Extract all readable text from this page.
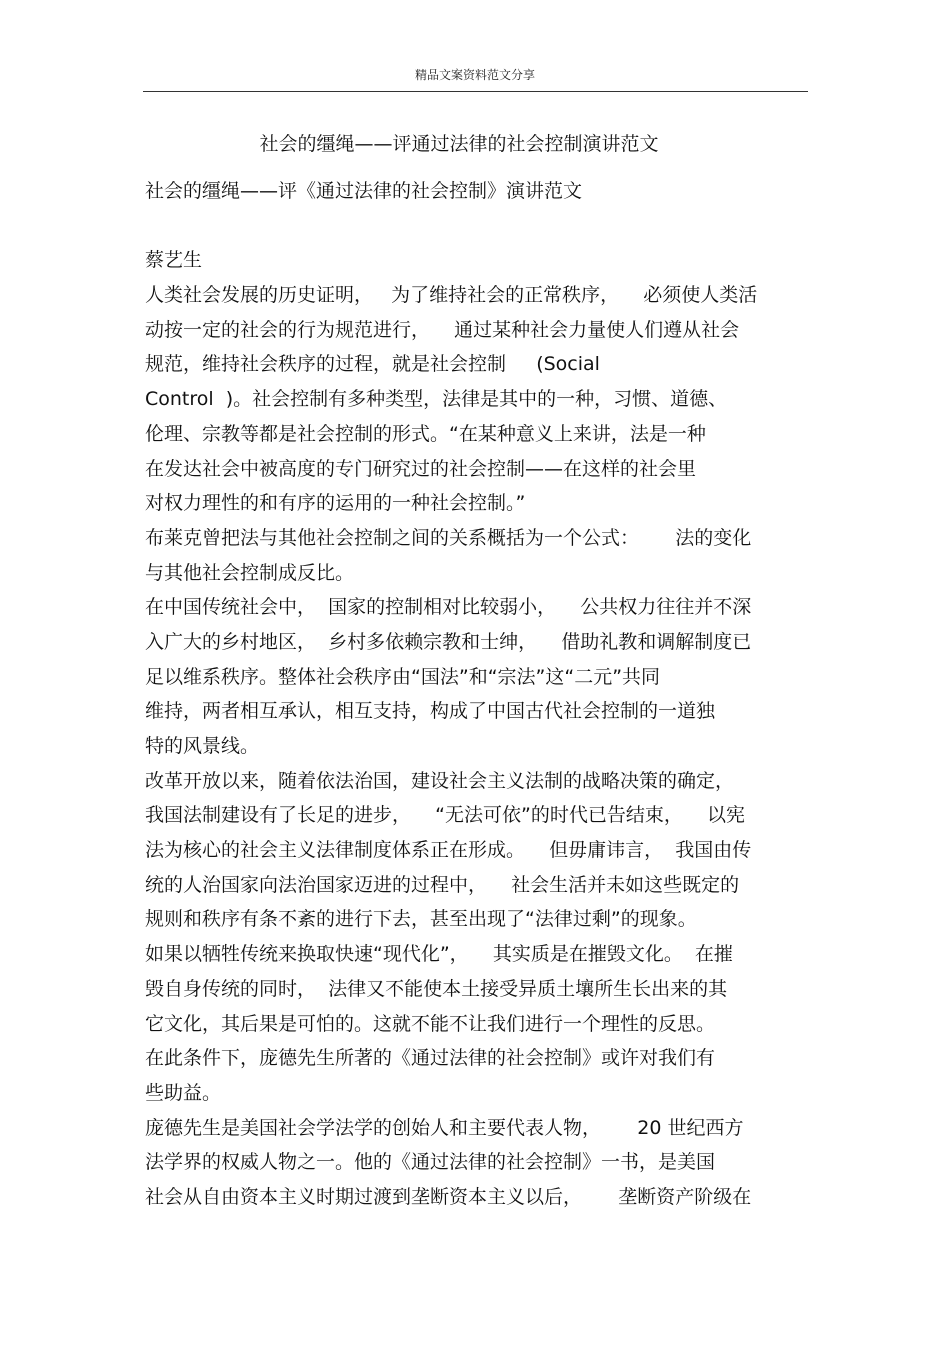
精品文案资料范文分享
社会的缰绳——评通过法律的社会控制演讲范文
社会的缰绳——评《通过法律的社会控制》演讲范文
蔡艺生
人类社会发展的历史证明，   为了维持社会的正常秩序，    必须使人类活
动按一定的社会的行为规范进行，    通过某种社会力量使人们遵从社会
规范，维持社会秩序的过程，就是社会控制     (Social
Control  )。社会控制有多种类型，法律是其中的一种，习惯、道德、
伦理、宗教等都是社会控制的形式。“在某种意义上来讲，法是一种
在发达社会中被高度的专门研究过的社会控制——在这样的社会里
对权力理性的和有序的运用的一种社会控制。”
布莱克曾把法与其他社会控制之间的关系概括为一个公式：      法的变化
与其他社会控制成反比。
在中国传统社会中，  国家的控制相对比较弱小，    公共权力往往并不深
入广大的乡村地区，  乡村多依赖宗教和士绅，    借助礼教和调解制度已
足以维系秩序。整体社会秩序由“国法”和“宗法”这“二元”共同
维持，两者相互承认，相互支持，构成了中国古代社会控制的一道独
特的风景线。
改革开放以来，随着依法治国，建设社会主义法制的战略决策的确定，
我国法制建设有了长足的进步，    “无法可依”的时代已告结束，    以宪
法为核心的社会主义法律制度体系正在形成。    但毋庸讳言，  我国由传
统的人治国家向法治国家迈进的过程中，    社会生活并未如这些既定的
规则和秩序有条不紊的进行下去，甚至出现了“法律过剩”的现象。
如果以牺牲传统来换取快速“现代化”，    其实质是在摧毁文化。  在摧
毁自身传统的同时，  法律又不能使本土接受异质土壤所生长出来的其
它文化，其后果是可怕的。这就不能不让我们进行一个理性的反思。
在此条件下，庞德先生所著的《通过法律的社会控制》或许对我们有
些助益。
庞德先生是美国社会学法学的创始人和主要代表人物，      20 世纪西方
法学界的权威人物之一。他的《通过法律的社会控制》一书，是美国
社会从自由资本主义时期过渡到垄断资本主义以后，      垄断资产阶级在
